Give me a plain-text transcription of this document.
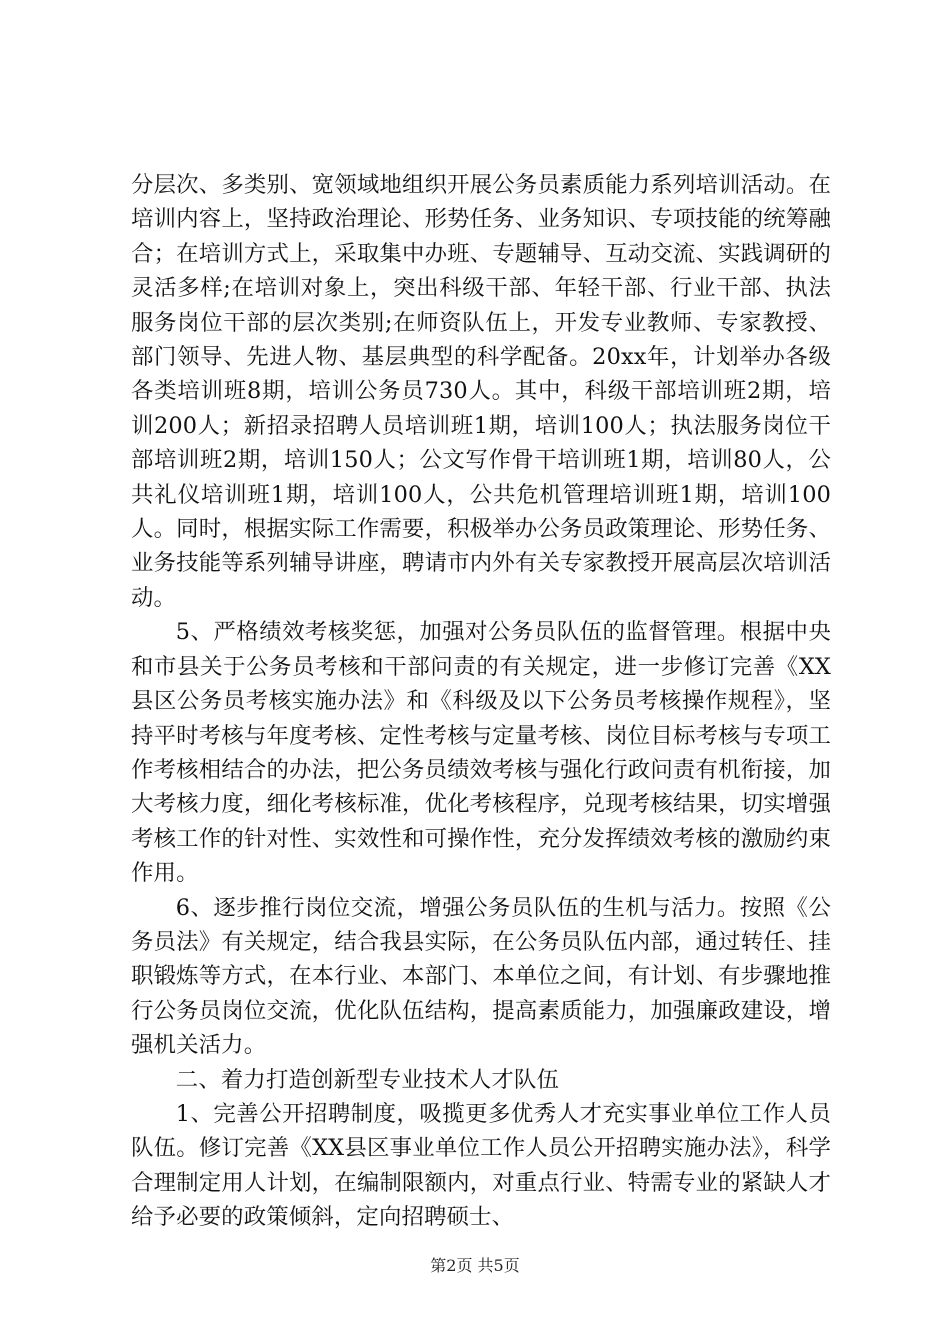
分层次、多类别、宽领域地组织开展公务员素质能力系列培训活动。在培训内容上，坚持政治理论、形势任务、业务知识、专项技能的统筹融合；在培训方式上，采取集中办班、专题辅导、互动交流、实践调研的灵活多样;在培训对象上，突出科级干部、年轻干部、行业干部、执法服务岗位干部的层次类别;在师资队伍上，开发专业教师、专家教授、部门领导、先进人物、基层典型的科学配备。20xx年，计划举办各级各类培训班8期，培训公务员730人。其中，科级干部培训班2期，培训200人；新招录招聘人员培训班1期，培训100人；执法服务岗位干部培训班2期，培训150人；公文写作骨干培训班1期，培训80人，公共礼仪培训班1期，培训100人，公共危机管理培训班1期，培训100人。同时，根据实际工作需要，积极举办公务员政策理论、形势任务、业务技能等系列辅导讲座，聘请市内外有关专家教授开展高层次培训活动。

5、严格绩效考核奖惩，加强对公务员队伍的监督管理。根据中央和市县关于公务员考核和干部问责的有关规定，进一步修订完善《XX县区公务员考核实施办法》和《科级及以下公务员考核操作规程》，坚持平时考核与年度考核、定性考核与定量考核、岗位目标考核与专项工作考核相结合的办法，把公务员绩效考核与强化行政问责有机衔接，加大考核力度，细化考核标准，优化考核程序，兑现考核结果，切实增强考核工作的针对性、实效性和可操作性，充分发挥绩效考核的激励约束作用。

6、逐步推行岗位交流，增强公务员队伍的生机与活力。按照《公务员法》有关规定，结合我县实际，在公务员队伍内部，通过转任、挂职锻炼等方式，在本行业、本部门、本单位之间，有计划、有步骤地推行公务员岗位交流，优化队伍结构，提高素质能力，加强廉政建设，增强机关活力。

二、着力打造创新型专业技术人才队伍

1、完善公开招聘制度，吸揽更多优秀人才充实事业单位工作人员队伍。修订完善《XX县区事业单位工作人员公开招聘实施办法》，科学合理制定用人计划，在编制限额内，对重点行业、特需专业的紧缺人才给予必要的政策倾斜，定向招聘硕士、

第2页 共5页
